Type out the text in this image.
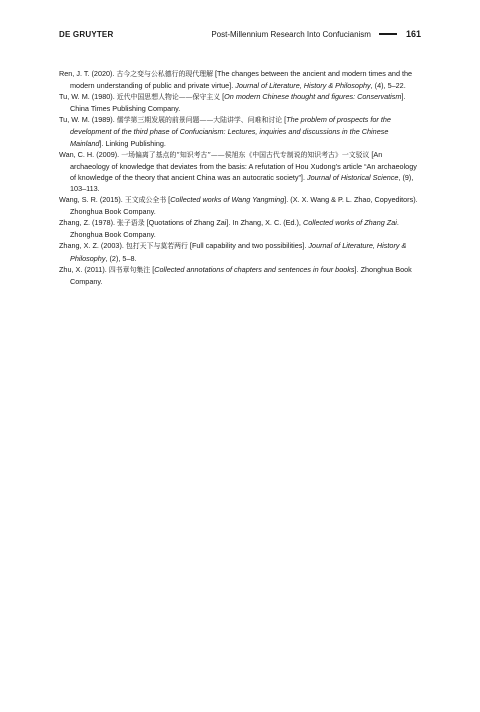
DE GRUYTER	Post-Millennium Research Into Confucianism	161

Ren, J. T. (2020). 古今之变与公私德行的现代理解 [The changes between the ancient and modern times and the modern understanding of public and private virtue]. Journal of Literature, History & Philosophy, (4), 5–22.

Tu, W. M. (1980). 近代中国思想人物论——保守主义 [On modern Chinese thought and figures: Conservatism]. China Times Publishing Company.

Tu, W. M. (1989). 儒学第三期发展的前景问题——大陆讲学、问难和讨论 [The problem of prospects for the development of the third phase of Confucianism: Lectures, inquiries and discussions in the Chinese Mainland]. Linking Publishing.

Wan, C. H. (2009). 一场偏离了基点的“知识考古”——侯旭东《中国古代专制说的知识考古》一文驳议 [An archaeology of knowledge that deviates from the basis: A refutation of Hou Xudong’s article “An archaeology of knowledge of the theory that ancient China was an autocratic society”]. Journal of Historical Science, (9), 103–113.

Wang, S. R. (2015). 王文成公全书 [Collected works of Wang Yangming]. (X. X. Wang & P. L. Zhao, Copyeditors). Zhonghua Book Company.

Zhang, Z. (1978). 张子语录 [Quotations of Zhang Zai]. In Zhang, X. C. (Ed.), Collected works of Zhang Zai. Zhonghua Book Company.

Zhang, X. Z. (2003). 包打天下与莫若两行 [Full capability and two possibilities]. Journal of Literature, History & Philosophy, (2), 5–8.

Zhu, X. (2011). 四书章句集注 [Collected annotations of chapters and sentences in four books]. Zhonghua Book Company.
